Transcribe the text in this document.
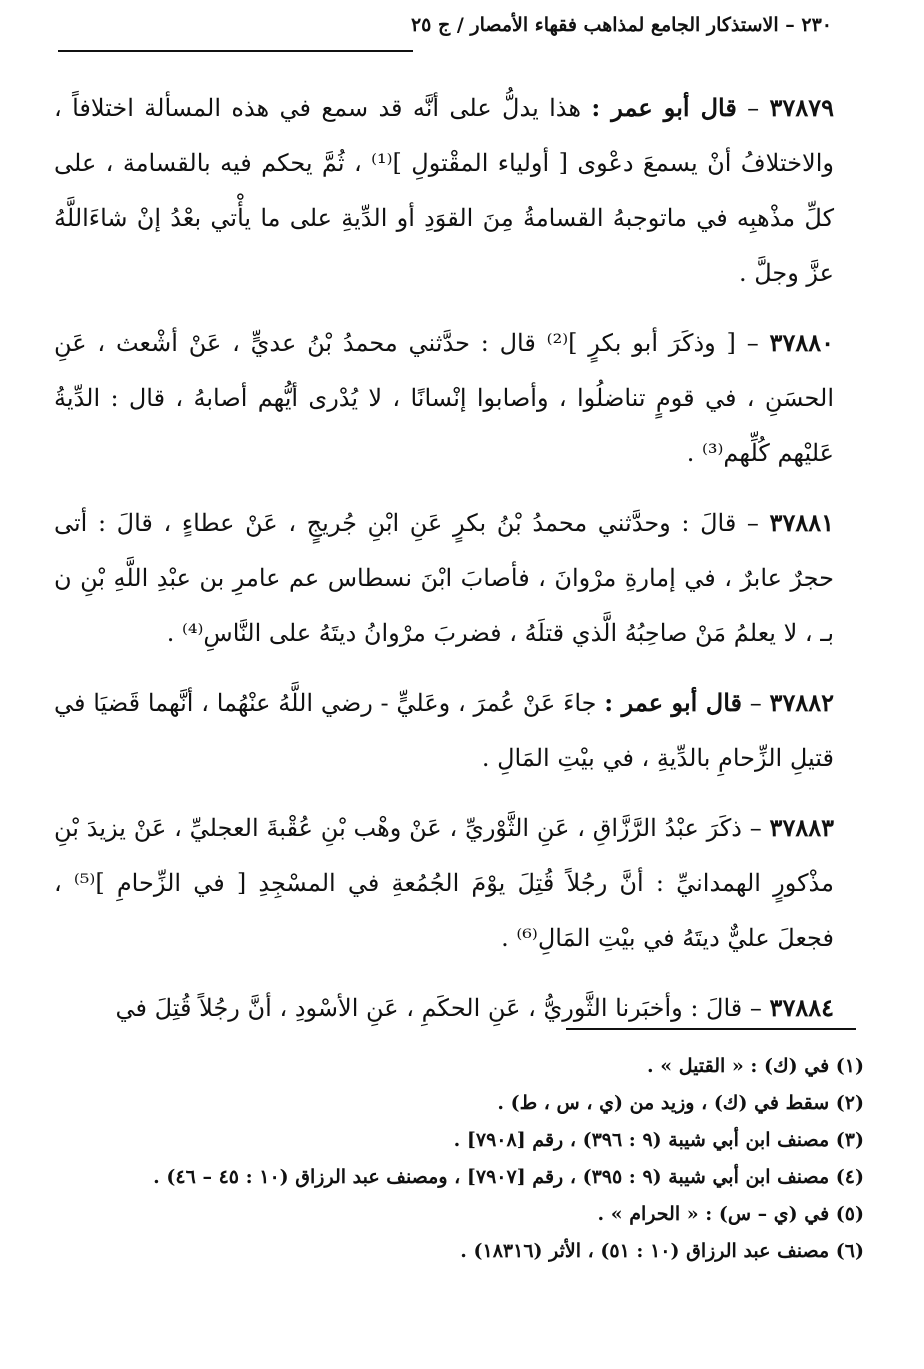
٢٣٠ – الاستذكار الجامع لمذاهب فقهاء الأمصار / ج ٢٥

٣٧٨٧٩ – قال أبو عمر : هذا يدلُّ على أنَّه قد سمع في هذه المسألة اختلافاً ، والاختلافُ أنْ يسمعَ دعْوى [ أولياء المقْتولِ ]⁽¹⁾ ، ثُمَّ يحكم فيه بالقسامة ، على كلِّ مذْهبِه في ماتوجبهُ القسامةُ مِنَ القوَدِ أو الدِّيةِ على ما يأْتي بعْدُ إنْ شاءَاللَّهُ عزَّ وجلَّ .

٣٧٨٨٠ – [ وذكَرَ أبو بكرٍ ]⁽²⁾ قال : حدَّثني محمدُ بْنُ عديٍّ ، عَنْ أشْعث ، عَنِ الحسَنِ ، في قومٍ تناضلُوا ، وأصابوا إنْسانًا ، لا يُدْرى أيُّهم أصابهُ ، قال : الدِّيةُ عَليْهم كُلِّهم⁽³⁾ .

٣٧٨٨١ – قالَ : وحدَّثني محمدُ بْنُ بكرٍ عَنِ ابْنِ جُريجٍ ، عَنْ عطاءٍ ، قالَ : أتى حجرٌ عابرٌ ، في إمارةِ مرْوانَ ، فأصابَ ابْنَ نسطاس عم عامرِ بن عبْدِ اللَّهِ بْنِ ن بـ ، لا يعلمُ مَنْ صاحِبُهُ الَّذي قتلَهُ ، فضربَ مرْوانُ ديتَهُ على النَّاسِ⁽⁴⁾ .

٣٧٨٨٢ – قال أبو عمر : جاءَ عَنْ عُمرَ ، وعَليٍّ - رضي اللَّهُ عنْهُما ، أنَّهما قَضيَا في قتيلِ الزِّحامِ بالدِّيةِ ، في بيْتِ المَالِ .

٣٧٨٨٣ – ذكَرَ عبْدُ الرَّزَّاقِ ، عَنِ الثَّوْريِّ ، عَنْ وهْب بْنِ عُقْبةَ العجليِّ ، عَنْ يزيدَ بْنِ مذْكورٍ الهمدانيِّ : أنَّ رجُلاً قُتِلَ يوْمَ الجُمُعةِ في المسْجِدِ [ في الزِّحامِ ]⁽⁵⁾ ، فجعلَ عليٌّ ديتَهُ في بيْتِ المَالِ⁽⁶⁾ .

٣٧٨٨٤ – قالَ : وأخبَرنا الثَّوريُّ ، عَنِ الحكَمِ ، عَنِ الأسْودِ ، أنَّ رجُلاً قُتِلَ في

(١) في (ك) : « القتيل » .

(٢) سقط في (ك) ، وزيد من (ي ، س ، ط) .

(٣) مصنف ابن أبي شيبة (٩ : ٣٩٦) ، رقم [٧٩٠٨] .

(٤) مصنف ابن أبي شيبة (٩ : ٣٩٥) ، رقم [٧٩٠٧] ، ومصنف عبد الرزاق (١٠ : ٤٥ – ٤٦) .

(٥) في (ي – س) : « الحرام » .

(٦) مصنف عبد الرزاق (١٠ : ٥١) ، الأثر (١٨٣١٦) .
